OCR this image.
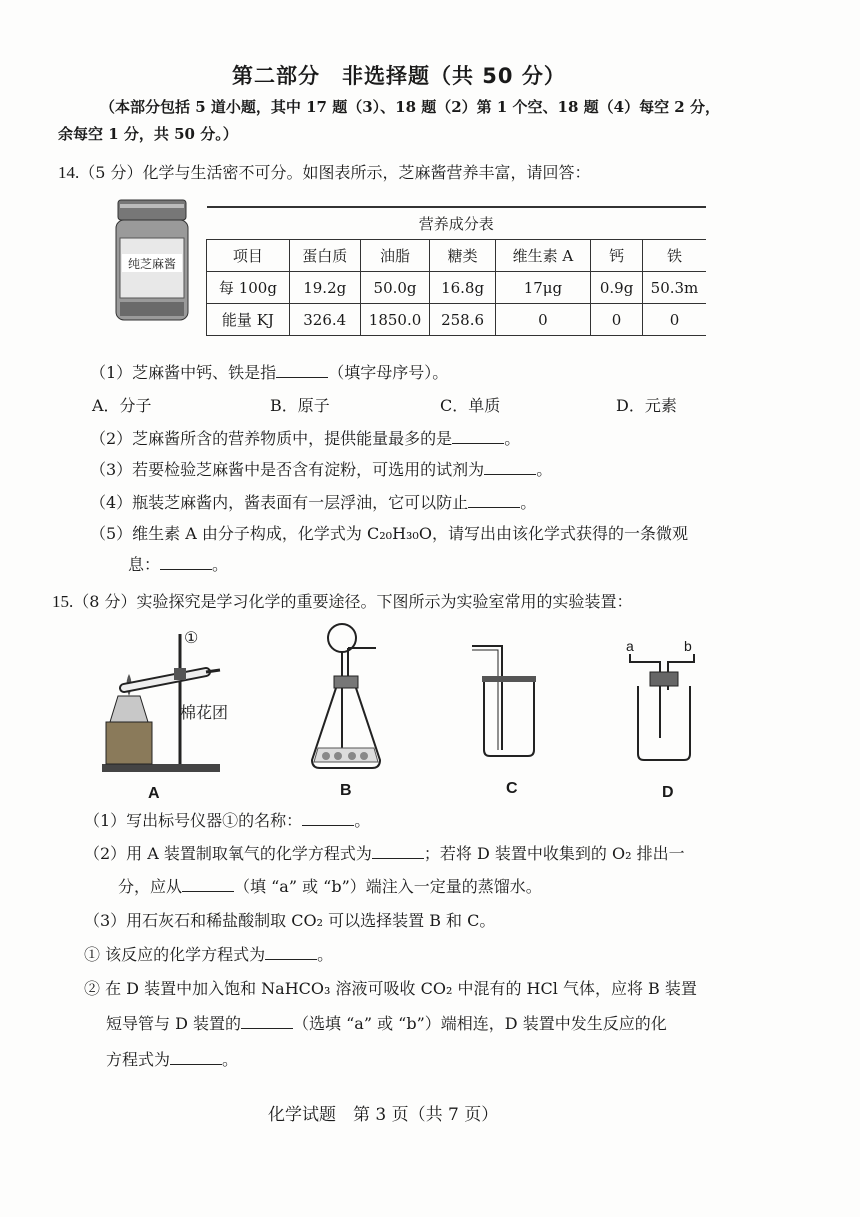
第二部分　非选择题（共 50 分）
（本部分包括 5 道小题，其中 17 题（3）、18 题（2）第 1 个空、18 题（4）每空 2 分，
余每空 1 分，共 50 分。）
14.（5 分）化学与生活密不可分。如图表所示，芝麻酱营养丰富，请回答：
纯芝麻酱
营养成分表						
项目	蛋白质	油脂	糖类	维生素 A	钙	铁
每 100g	19.2g	50.0g	16.8g	17μg	0.9g	50.3m
能量 KJ	326.4	1850.0	258.6	0	0	0
（1）芝麻酱中钙、铁是指	（填字母序号）。
A．分子	B．原子	C．单质	D．元素
（2）芝麻酱所含的营养物质中，提供能量最多的是	。
（3）若要检验芝麻酱中是否含有淀粉，可选用的试剂为	。
（4）瓶装芝麻酱内，酱表面有一层浮油，它可以防止	。
（5）维生素 A 由分子构成，化学式为 C₂₀H₃₀O，请写出由该化学式获得的一条微观
息：	。
15.（8 分）实验探究是学习化学的重要途径。下图所示为实验室常用的实验装置：
①
棉花团
a	b
A	B	C	D
（1）写出标号仪器①的名称：	。
（2）用 A 装置制取氧气的化学方程式为	；若将 D 装置中收集到的 O₂ 排出一
分，应从	（填 “a” 或 “b”）端注入一定量的蒸馏水。
（3）用石灰石和稀盐酸制取 CO₂ 可以选择装置 B 和 C。
① 该反应的化学方程式为	。
② 在 D 装置中加入饱和 NaHCO₃ 溶液可吸收 CO₂ 中混有的 HCl 气体，应将 B 装置
短导管与 D 装置的	（选填 “a” 或 “b”）端相连，D 装置中发生反应的化
方程式为	。
化学试题　第 3 页（共 7 页）
